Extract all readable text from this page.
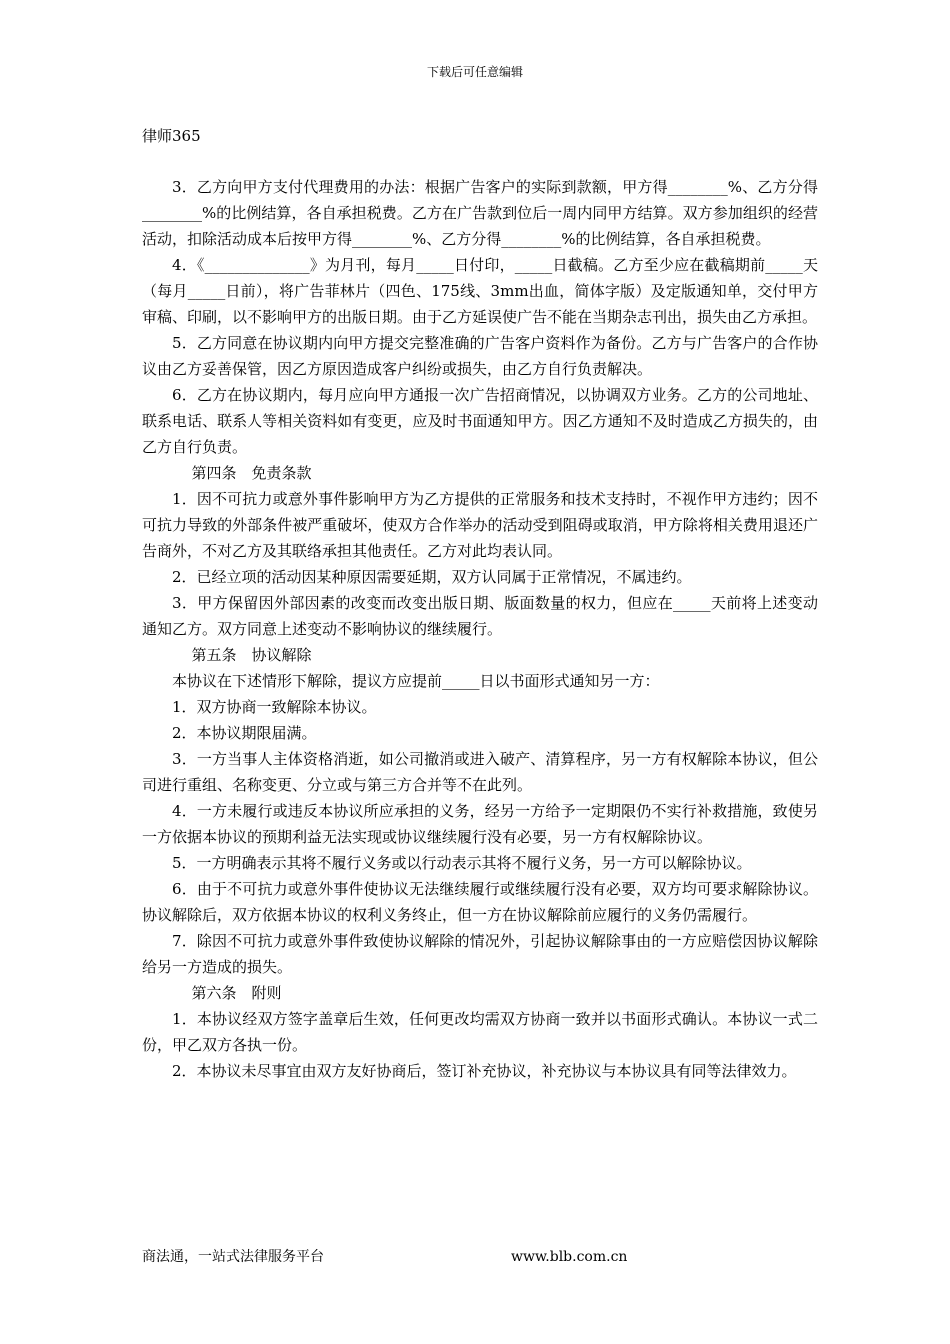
下载后可任意编辑
律师365

3．乙方向甲方支付代理费用的办法：根据广告客户的实际到款额，甲方得________%、乙方分得________%的比例结算，各自承担税费。乙方在广告款到位后一周内同甲方结算。双方参加组织的经营活动，扣除活动成本后按甲方得________%、乙方分得________%的比例结算，各自承担税费。

4．《______________》为月刊，每月_____日付印，_____日截稿。乙方至少应在截稿期前_____天（每月_____日前），将广告菲林片（四色、175线、3mm出血，简体字版）及定版通知单，交付甲方审稿、印刷，以不影响甲方的出版日期。由于乙方延误使广告不能在当期杂志刊出，损失由乙方承担。

5．乙方同意在协议期内向甲方提交完整准确的广告客户资料作为备份。乙方与广告客户的合作协议由乙方妥善保管，因乙方原因造成客户纠纷或损失，由乙方自行负责解决。

6．乙方在协议期内，每月应向甲方通报一次广告招商情况，以协调双方业务。乙方的公司地址、联系电话、联系人等相关资料如有变更，应及时书面通知甲方。因乙方通知不及时造成乙方损失的，由乙方自行负责。

第四条　免责条款

1．因不可抗力或意外事件影响甲方为乙方提供的正常服务和技术支持时，不视作甲方违约；因不可抗力导致的外部条件被严重破坏，使双方合作举办的活动受到阻碍或取消，甲方除将相关费用退还广告商外，不对乙方及其联络承担其他责任。乙方对此均表认同。

2．已经立项的活动因某种原因需要延期，双方认同属于正常情况，不属违约。

3．甲方保留因外部因素的改变而改变出版日期、版面数量的权力，但应在_____天前将上述变动通知乙方。双方同意上述变动不影响协议的继续履行。

第五条　协议解除

本协议在下述情形下解除，提议方应提前_____日以书面形式通知另一方：

1．双方协商一致解除本协议。

2．本协议期限届满。

3．一方当事人主体资格消逝，如公司撤消或进入破产、清算程序，另一方有权解除本协议，但公司进行重组、名称变更、分立或与第三方合并等不在此列。

4．一方未履行或违反本协议所应承担的义务，经另一方给予一定期限仍不实行补救措施，致使另一方依据本协议的预期利益无法实现或协议继续履行没有必要，另一方有权解除协议。

5．一方明确表示其将不履行义务或以行动表示其将不履行义务，另一方可以解除协议。

6．由于不可抗力或意外事件使协议无法继续履行或继续履行没有必要，双方均可要求解除协议。协议解除后，双方依据本协议的权利义务终止，但一方在协议解除前应履行的义务仍需履行。

7．除因不可抗力或意外事件致使协议解除的情况外，引起协议解除事由的一方应赔偿因协议解除给另一方造成的损失。

第六条　附则

1．本协议经双方签字盖章后生效，任何更改均需双方协商一致并以书面形式确认。本协议一式二份，甲乙双方各执一份。

2．本协议未尽事宜由双方友好协商后，签订补充协议，补充协议与本协议具有同等法律效力。

商法通，一站式法律服务平台	www.blb.com.cn
